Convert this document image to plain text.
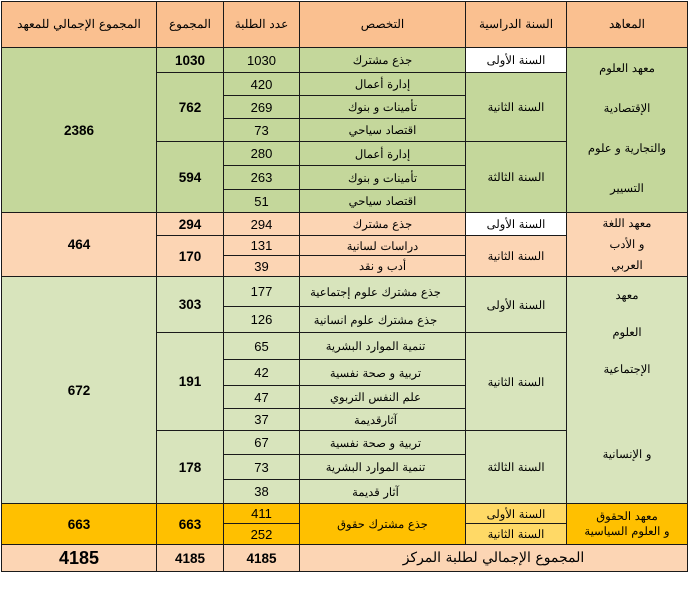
المجموع الإجمالي للمعهد	المجموع	عدد الطلبة	التخصص	السنة الدراسية	المعاهد
2386	1030	1030	جذع مشترك	السنة الأولى	معهد العلوم
الإقتصادية
والتجارية و علوم
التسيير

	762	420	إدارة أعمال	السنة الثانية	
		269	تأمينات و بنوك		
		73	اقتصاد سياحي		
	594	280	إدارة أعمال	السنة الثالثة	
		263	تأمينات و بنوك		
		51	اقتصاد سياحي		
464	294	294	جذع مشترك	السنة الأولى	معهد اللغة
و الأدب
العربي

	170	131	دراسات لسانية	السنة الثانية	
		39	أدب و نقد		
672	303	177	جذع مشترك علوم إجتماعية	السنة الأولى	معهد
العلوم
الإجتماعية
و الإنسانية

		126	جذع مشترك علوم انسانية		
	191	65	تنمية الموارد البشرية	السنة الثانية	
		42	تربية و صحة نفسية		
		47	علم النفس التربوي		
		37	آثارقديمة		
	178	67	تربية و صحة نفسية	السنة الثالثة	
		73	تنمية الموارد البشرية		
		38	آثار قديمة		
663	663	411	جذع مشترك حقوق	السنة الأولى	معهد الحقوق
و العلوم السياسية

		252		السنة الثانية	
4185	4185	4185	المجموع الإجمالي لطلبة المركز		
